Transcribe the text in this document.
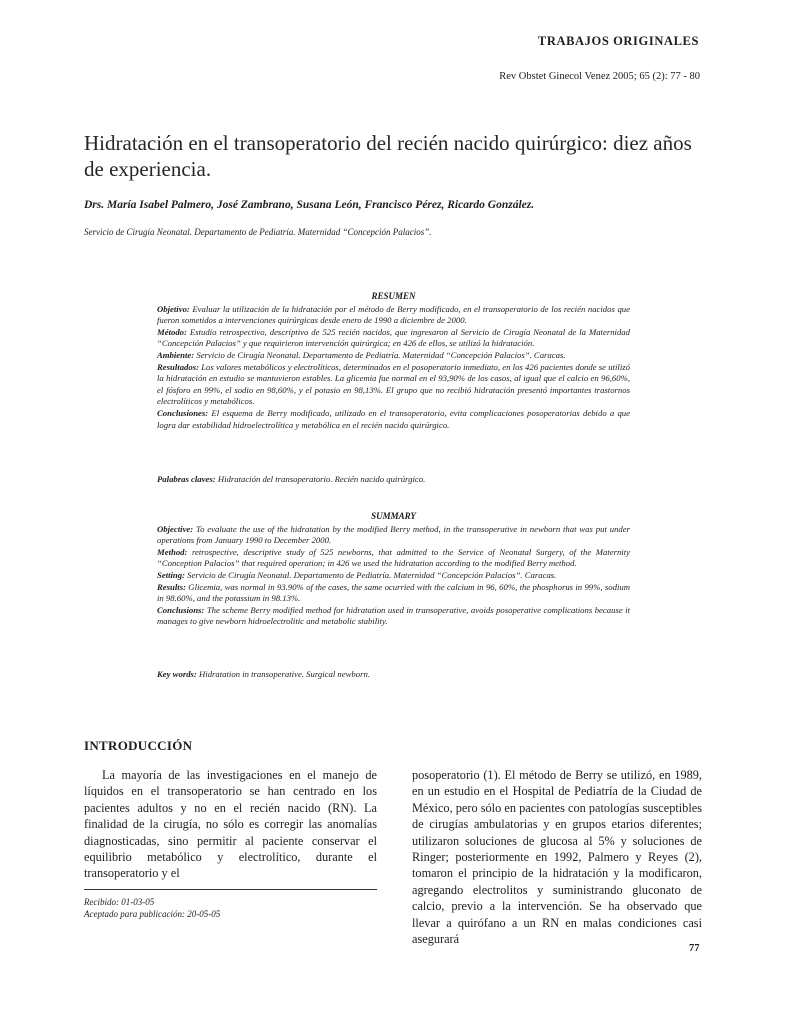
TRABAJOS ORIGINALES
Rev Obstet Ginecol Venez 2005; 65 (2): 77 - 80
Hidratación en el transoperatorio del recién nacido quirúrgico: diez años de experiencia.
Drs. María Isabel Palmero, José Zambrano, Susana León, Francisco Pérez, Ricardo González.
Servicio de Cirugía Neonatal. Departamento de Pediatría. Maternidad “Concepción Palacios”.
RESUMEN

Objetivo: Evaluar la utilización de la hidratación por el método de Berry modificado, en el transoperatorio de los recién nacidos que fueron sometidos a intervenciones quirúrgicas desde enero de 1990 a diciembre de 2000.

Método: Estudio retrospectivo, descriptivo de 525 recién nacidos, que ingresaron al Servicio de Cirugía Neonatal de la Maternidad “Concepción Palacios” y que requirieron intervención quirúrgica; en 426 de ellos, se utilizó la hidratación.

Ambiente: Servicio de Cirugía Neonatal. Departamento de Pediatría. Maternidad “Concepción Palacios”. Caracas.

Resultados: Los valores metabólicos y electrolíticos, determinados en el posoperatorio inmediato, en los 426 pacientes donde se utilizó la hidratación en estudio se mantuvieron estables. La glicemia fue normal en el 93,90% de los casos, al igual que el calcio en 96,60%, el fósforo en 99%, el sodio en 98,60%, y el potasio en 98,13%. El grupo que no recibió hidratación presentó importantes trastornos electrolíticos y metabólicos.

Conclusiones: El esquema de Berry modificado, utilizado en el transoperatorio, evita complicaciones posoperatorias debido a que logra dar estabilidad hidroelectrolítica y metabólica en el recién nacido quirúrgico.

Palabras claves: Hidratación del transoperatorio. Recién nacido quirúrgico.

SUMMARY

Objective: To evaluate the use of the hidratation by the modified Berry method, in the transoperative in newborn that was put under operations from January 1990 to December 2000.

Method: retrospective, descriptive study of 525 newborns, that admitted to the Service of Neonatal Surgery, of the Maternity “Conception Palacios” that required operation; in 426 we used the hidratation according to the modified Berry method.

Setting: Servicio de Cirugía Neonatal. Departamento de Pediatría. Maternidad “Concepción Palacios”. Caracas.

Results: Glicemia, was normal in 93.90% of the cases, the same ocurried with the calcium in 96, 60%, the phosphorus in 99%, sodium in 98.60%, and the potassium in 98.13%.

Conclusions: The scheme Berry modified method for hidratation used in transoperative, avoids posoperative complications because it manages to give newborn hidroelectrolitic and metabolic stability.

Key words: Hidratation in transoperative. Surgical newborn.

INTRODUCCIÓN

La mayoría de las investigaciones en el manejo de líquidos en el transoperatorio se han centrado en los pacientes adultos y no en el recién nacido (RN). La finalidad de la cirugía, no sólo es corregir las anomalías diagnosticadas, sino permitir al paciente conservar el equilibrio metabólico y electrolítico, durante el transoperatorio y el

posoperatorio (1). El método de Berry se utilizó, en 1989, en un estudio en el Hospital de Pediatría de la Ciudad de México, pero sólo en pacientes con patologías susceptibles de cirugías ambulatorias y en grupos etarios diferentes; utilizaron soluciones de glucosa al 5% y soluciones de Ringer; posteriormente en 1992, Palmero y Reyes (2), tomaron el principio de la hidratación y la modificaron, agregando electrolitos y suministrando gluconato de calcio, previo a la intervención. Se ha observado que llevar a quirófano a un RN en malas condiciones casi asegurará

Recibido: 01-03-05
Aceptado para publicación: 20-05-05
77
